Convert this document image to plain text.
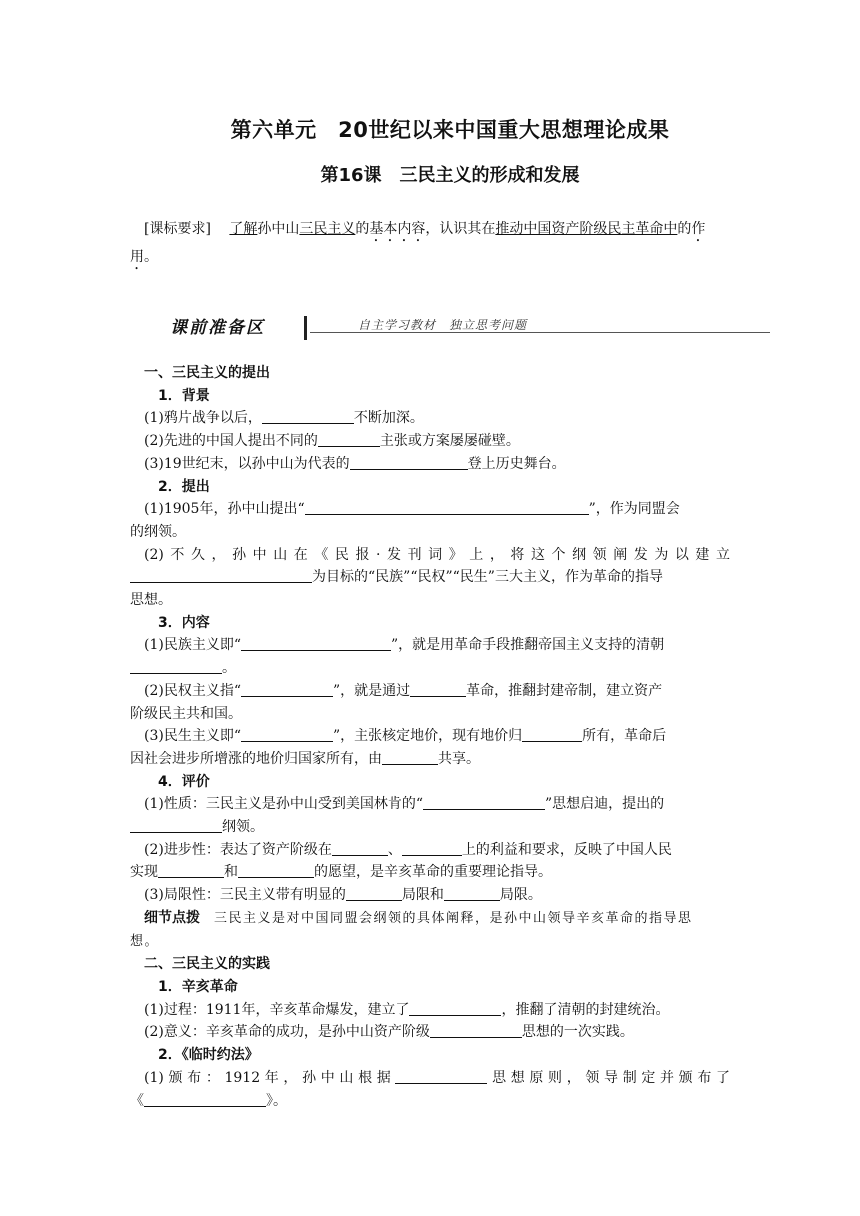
第六单元　20世纪以来中国重大思想理论成果
第16课　三民主义的形成和发展
[课标要求]　 了解孙中山三民主义的基本内容，认识其在推动中国资产阶级民主革命中的作用。
课前准备区	自主学习教材　独立思考问题

一、三民主义的提出

1．背景

(1)鸦片战争以后，	不断加深。

(2)先进的中国人提出不同的	主张或方案屡屡碰壁。

(3)19世纪末，以孙中山为代表的	登上历史舞台。

2．提出

(1)1905年，孙中山提出“	”，作为同盟会

的纲领。

(2)不久，孙中山在《民报·发刊词》上，将这个纲领阐发为以建立

为目标的“民族”“民权”“民生”三大主义，作为革命的指导

思想。

3．内容

(1)民族主义即“	”，就是用革命手段推翻帝国主义支持的清朝

。

(2)民权主义指“	”，就是通过	革命，推翻封建帝制，建立资产

阶级民主共和国。

(3)民生主义即“	”，主张核定地价，现有地价归	所有，革命后

因社会进步所增涨的地价归国家所有，由	共享。

4．评价

(1)性质：三民主义是孙中山受到美国林肯的“	”思想启迪，提出的

纲领。

(2)进步性：表达了资产阶级在	、	上的利益和要求，反映了中国人民

实现	和	的愿望，是辛亥革命的重要理论指导。

(3)局限性：三民主义带有明显的	局限和	局限。

细节点拨　 三民主义是对中国同盟会纲领的具体阐释，是孙中山领导辛亥革命的指导思

想。

二、三民主义的实践

1．辛亥革命

(1)过程：1911年，辛亥革命爆发，建立了	，推翻了清朝的封建统治。

(2)意义：辛亥革命的成功，是孙中山资产阶级	思想的一次实践。

2．《临时约法》

(1)颁布：1912年，孙中山根据	思想原则，领导制定并颁布了

《	》。
